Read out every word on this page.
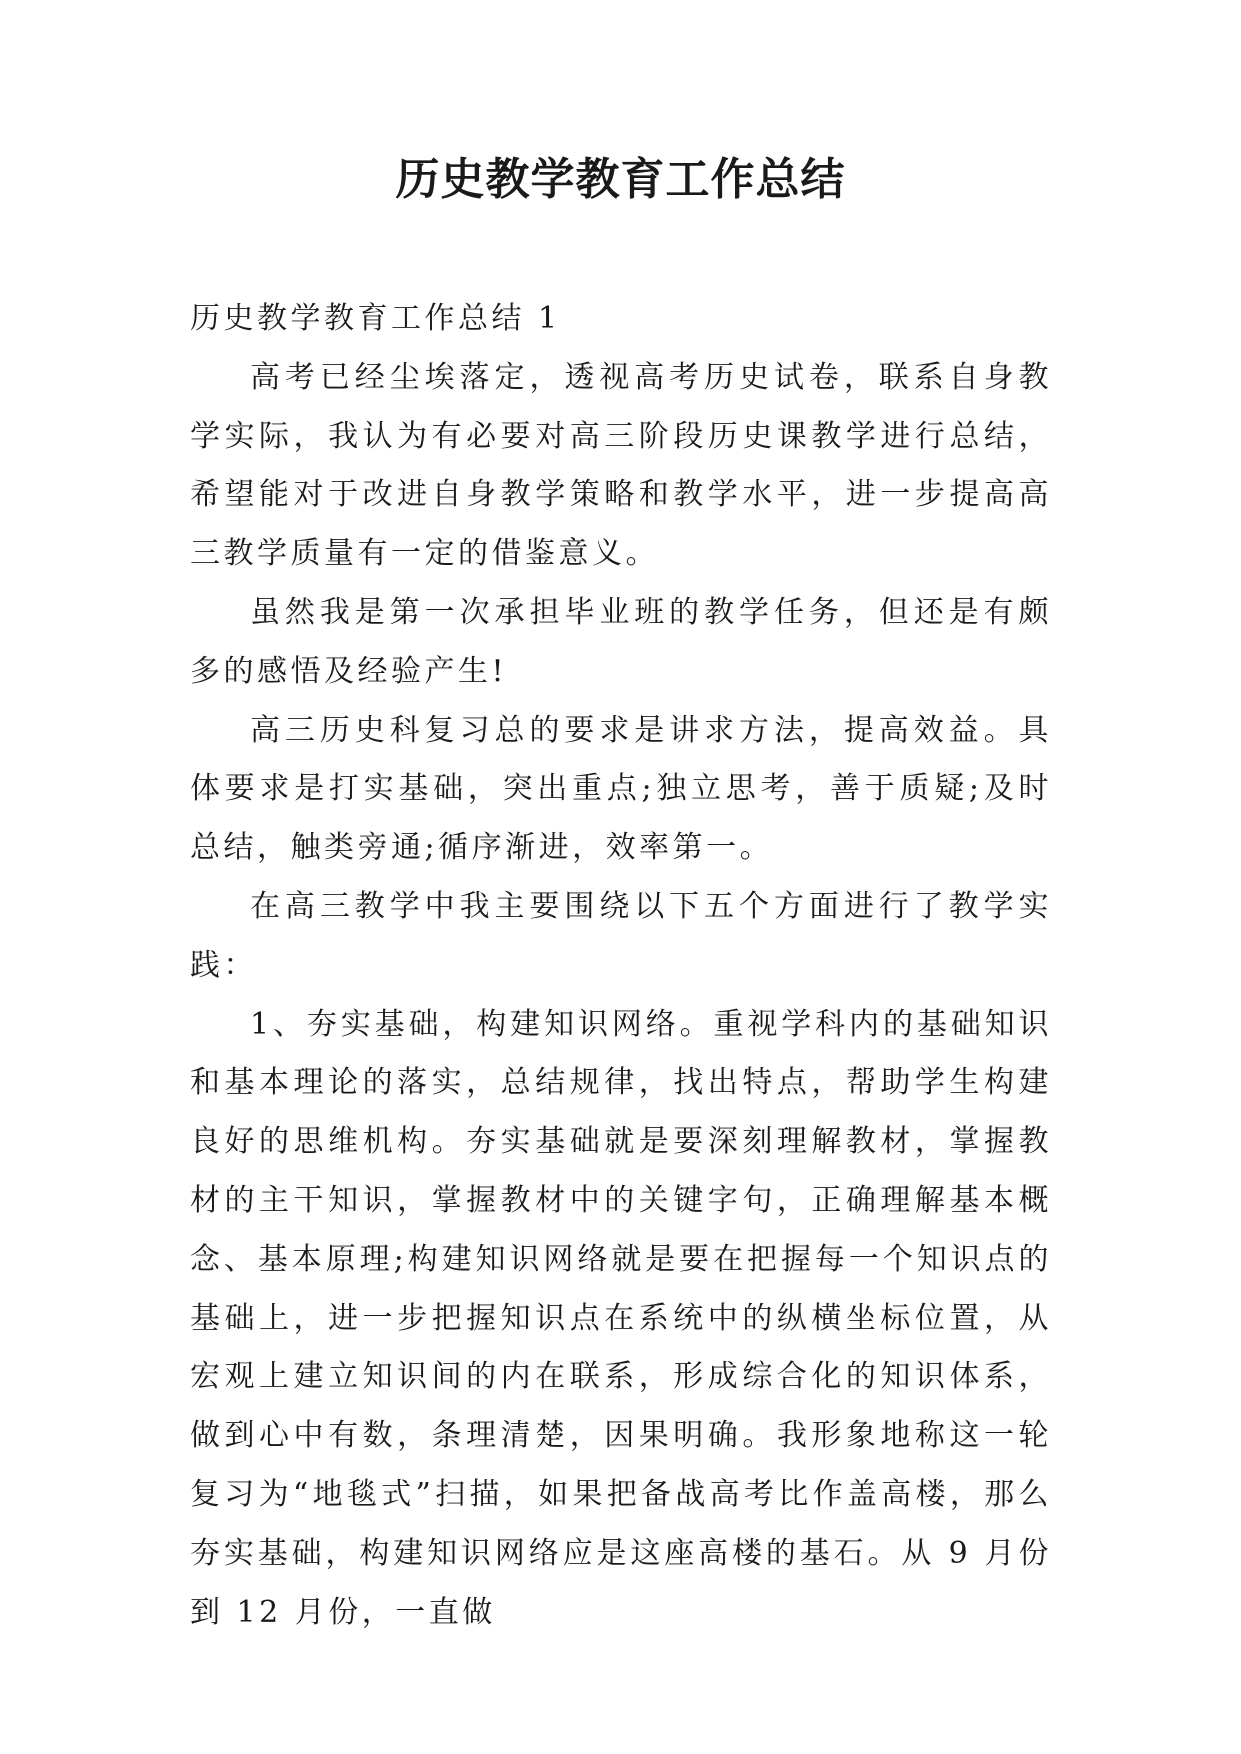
历史教学教育工作总结

历史教学教育工作总结 1

高考已经尘埃落定，透视高考历史试卷，联系自身教学实际，我认为有必要对高三阶段历史课教学进行总结，希望能对于改进自身教学策略和教学水平，进一步提高高三教学质量有一定的借鉴意义。

虽然我是第一次承担毕业班的教学任务，但还是有颇多的感悟及经验产生!

高三历史科复习总的要求是讲求方法，提高效益。具体要求是打实基础，突出重点;独立思考，善于质疑;及时总结，触类旁通;循序渐进，效率第一。

在高三教学中我主要围绕以下五个方面进行了教学实践：

1、夯实基础，构建知识网络。重视学科内的基础知识和基本理论的落实，总结规律，找出特点，帮助学生构建良好的思维机构。夯实基础就是要深刻理解教材，掌握教材的主干知识，掌握教材中的关键字句，正确理解基本概念、基本原理;构建知识网络就是要在把握每一个知识点的基础上，进一步把握知识点在系统中的纵横坐标位置，从宏观上建立知识间的内在联系，形成综合化的知识体系，做到心中有数，条理清楚，因果明确。我形象地称这一轮复习为“地毯式”扫描，如果把备战高考比作盖高楼，那么夯实基础，构建知识网络应是这座高楼的基石。从 9 月份到 12 月份，一直做
